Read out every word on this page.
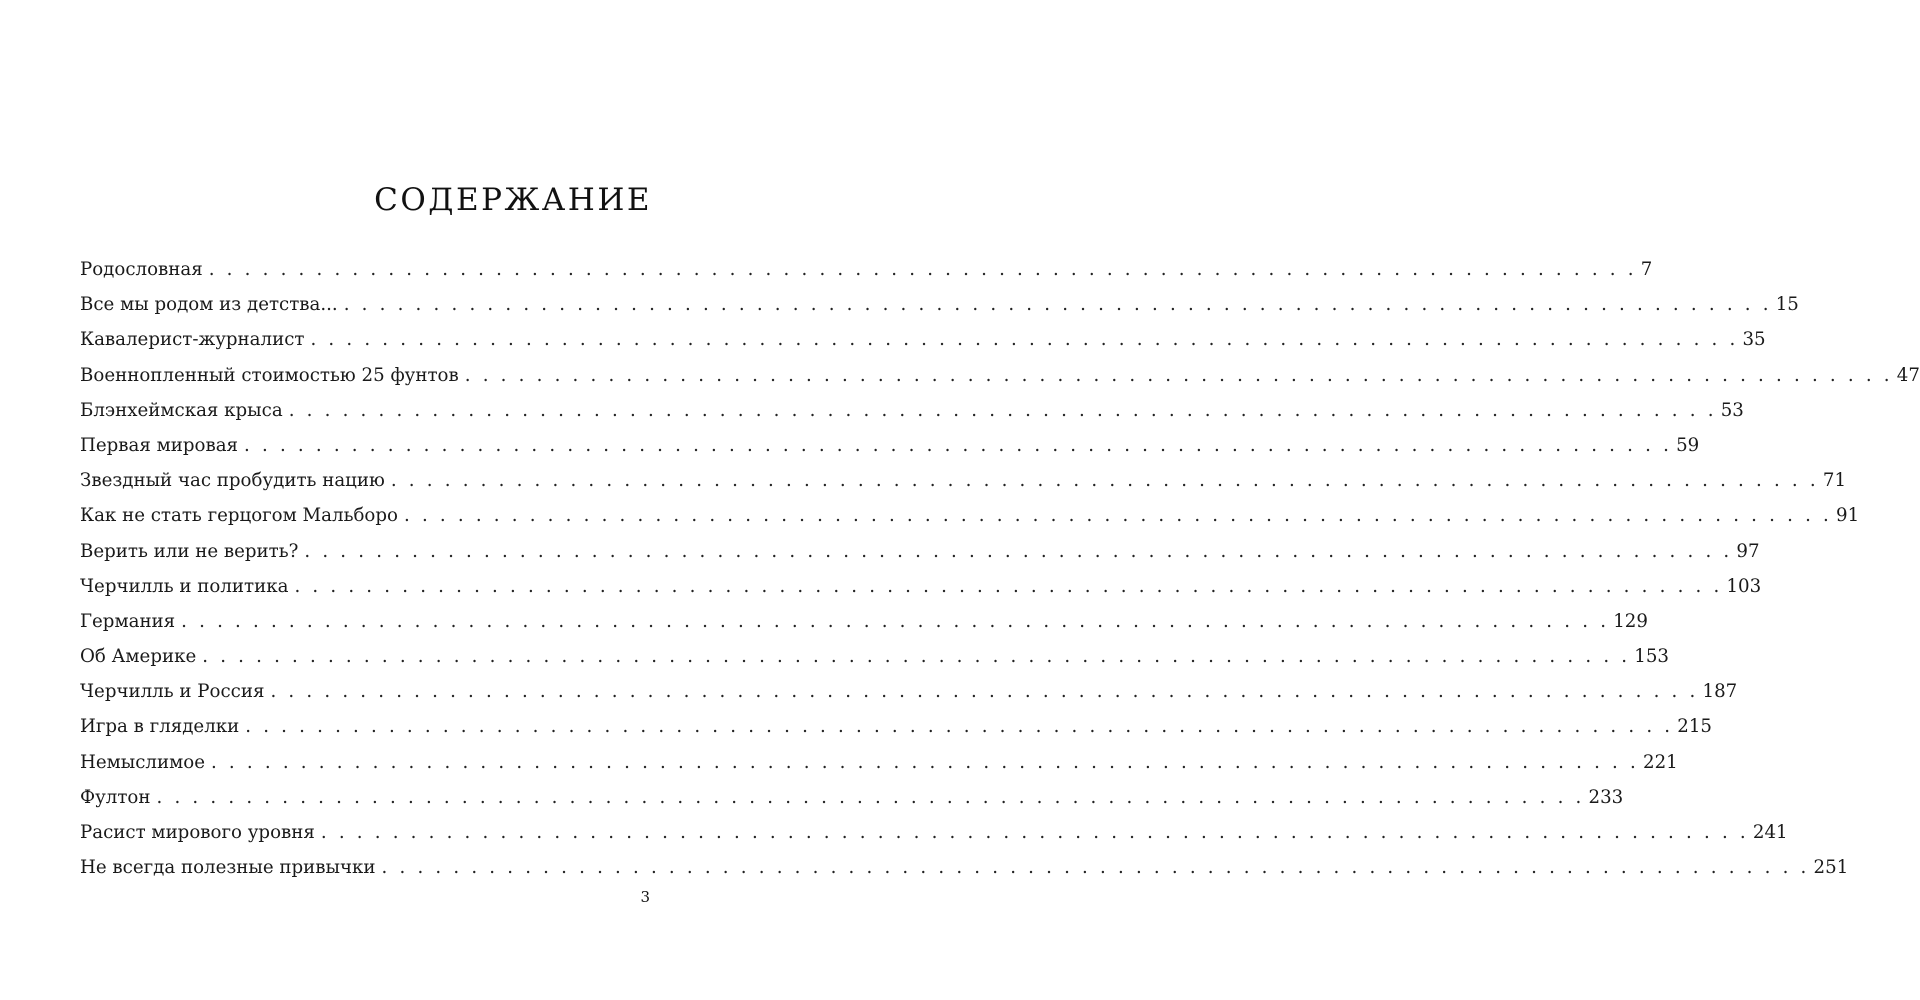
СОДЕРЖАНИЕ
Родословная . . . . . . . . . . . . . . . . . . . . . . . . . . . . . . . . . . . . . . . . . . . . . . . . . . . . . . . . . . . . . . . . . . . . . . . . . . . . . . . . 7
Все мы родом из детства... . . . . . . . . . . . . . . . . . . . . . . . . . . . . . . . . . . . . . . . . . . . . . . . . . . . . . . . . . . . . . . . . . . . . . . . . . . . . . . . . 15
Кавалерист-журналист . . . . . . . . . . . . . . . . . . . . . . . . . . . . . . . . . . . . . . . . . . . . . . . . . . . . . . . . . . . . . . . . . . . . . . . . . . . . . . . . 35
Военнопленный стоимостью 25 фунтов . . . . . . . . . . . . . . . . . . . . . . . . . . . . . . . . . . . . . . . . . . . . . . . . . . . . . . . . . . . . . . . . . . . . . . . . . . . . . . . . 47
Блэнхеймская крыса . . . . . . . . . . . . . . . . . . . . . . . . . . . . . . . . . . . . . . . . . . . . . . . . . . . . . . . . . . . . . . . . . . . . . . . . . . . . . . . . 53
Первая мировая . . . . . . . . . . . . . . . . . . . . . . . . . . . . . . . . . . . . . . . . . . . . . . . . . . . . . . . . . . . . . . . . . . . . . . . . . . . . . . . . 59
Звездный час пробудить нацию . . . . . . . . . . . . . . . . . . . . . . . . . . . . . . . . . . . . . . . . . . . . . . . . . . . . . . . . . . . . . . . . . . . . . . . . . . . . . . . . 71
Как не стать герцогом Мальборо . . . . . . . . . . . . . . . . . . . . . . . . . . . . . . . . . . . . . . . . . . . . . . . . . . . . . . . . . . . . . . . . . . . . . . . . . . . . . . . . 91
Верить или не верить? . . . . . . . . . . . . . . . . . . . . . . . . . . . . . . . . . . . . . . . . . . . . . . . . . . . . . . . . . . . . . . . . . . . . . . . . . . . . . . . . 97
Черчилль и политика . . . . . . . . . . . . . . . . . . . . . . . . . . . . . . . . . . . . . . . . . . . . . . . . . . . . . . . . . . . . . . . . . . . . . . . . . . . . . . . . 103
Германия . . . . . . . . . . . . . . . . . . . . . . . . . . . . . . . . . . . . . . . . . . . . . . . . . . . . . . . . . . . . . . . . . . . . . . . . . . . . . . . . 129
Об Америке . . . . . . . . . . . . . . . . . . . . . . . . . . . . . . . . . . . . . . . . . . . . . . . . . . . . . . . . . . . . . . . . . . . . . . . . . . . . . . . . 153
Черчилль и Россия . . . . . . . . . . . . . . . . . . . . . . . . . . . . . . . . . . . . . . . . . . . . . . . . . . . . . . . . . . . . . . . . . . . . . . . . . . . . . . . . 187
Игра в гляделки . . . . . . . . . . . . . . . . . . . . . . . . . . . . . . . . . . . . . . . . . . . . . . . . . . . . . . . . . . . . . . . . . . . . . . . . . . . . . . . . 215
Немыслимое . . . . . . . . . . . . . . . . . . . . . . . . . . . . . . . . . . . . . . . . . . . . . . . . . . . . . . . . . . . . . . . . . . . . . . . . . . . . . . . . 221
Фултон . . . . . . . . . . . . . . . . . . . . . . . . . . . . . . . . . . . . . . . . . . . . . . . . . . . . . . . . . . . . . . . . . . . . . . . . . . . . . . . . 233
Расист мирового уровня . . . . . . . . . . . . . . . . . . . . . . . . . . . . . . . . . . . . . . . . . . . . . . . . . . . . . . . . . . . . . . . . . . . . . . . . . . . . . . . . 241
Не всегда полезные привычки . . . . . . . . . . . . . . . . . . . . . . . . . . . . . . . . . . . . . . . . . . . . . . . . . . . . . . . . . . . . . . . . . . . . . . . . . . . . . . . . 251
3
